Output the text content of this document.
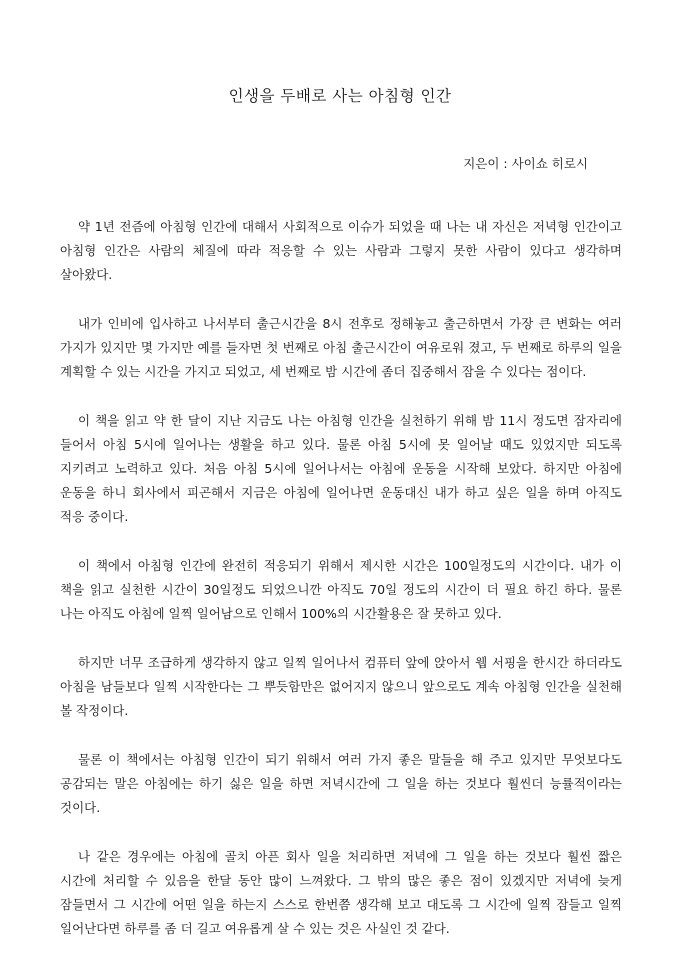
인생을 두배로 사는 아침형 인간
지은이 : 사이쇼 히로시

약 1년 전즘에 아침형 인간에 대해서 사회적으로 이슈가 되었을 때 나는 내 자신은 저녁형 인간이고 아침형 인간은 사람의 체질에 따라 적응할 수 있는 사람과 그렇지 못한 사람이 있다고 생각하며 살아왔다.

내가 인비에 입사하고 나서부터 출근시간을 8시 전후로 정해놓고 출근하면서 가장 큰 변화는 여러 가지가 있지만 몇 가지만 예를 들자면 첫 번째로 아침 출근시간이 여유로워 졌고, 두 번째로 하루의 일을 계획할 수 있는 시간을 가지고 되었고, 세 번째로 밤 시간에 좀더 집중해서 잠을 수 있다는 점이다.

이 책을 읽고 약 한 달이 지난 지금도 나는 아침형 인간을 실천하기 위해 밤 11시 정도면 잠자리에 들어서 아침 5시에 일어나는 생활을 하고 있다. 물론 아침 5시에 못 일어날 때도 있었지만 되도록 지키려고 노력하고 있다. 처음 아침 5시에 일어나서는 아침에 운동을 시작해 보았다. 하지만 아침에 운동을 하니 회사에서 피곤해서 지금은 아침에 일어나면 운동대신 내가 하고 싶은 일을 하며 아직도 적응 중이다.

이 책에서 아침형 인간에 완전히 적응되기 위해서 제시한 시간은 100일정도의 시간이다. 내가 이 책을 읽고 실천한 시간이 30일정도 되었으니깐 아직도 70일 정도의 시간이 더 필요 하긴 하다. 물론 나는 아직도 아침에 일찍 일어남으로 인해서 100%의 시간활용은 잘 못하고 있다.

하지만 너무 조급하게 생각하지 않고 일찍 일어나서 컴퓨터 앞에 앉아서 웹 서핑을 한시간 하더라도 아침을 남들보다 일찍 시작한다는 그 뿌듯함만은 없어지지 않으니 앞으로도 계속 아침형 인간을 실천해 볼 작정이다.

물론 이 책에서는 아침형 인간이 되기 위해서 여러 가지 좋은 말들을 해 주고 있지만 무엇보다도 공감되는 말은 아침에는 하기 싫은 일을 하면 저녁시간에 그 일을 하는 것보다 훨씬더 능률적이라는 것이다.

나 같은 경우에는 아침에 골치 아픈 회사 일을 처리하면 저녁에 그 일을 하는 것보다 훨씬 짧은 시간에 처리할 수 있음을 한달 동안 많이 느껴왔다. 그 밖의 많은 좋은 점이 있겠지만 저녁에 늦게 잠들면서 그 시간에 어떤 일을 하는지 스스로 한번쯤 생각해 보고 대도록 그 시간에 일찍 잠들고 일찍 일어난다면 하루를 좀 더 길고 여유롭게 살 수 있는 것은 사실인 것 같다.
